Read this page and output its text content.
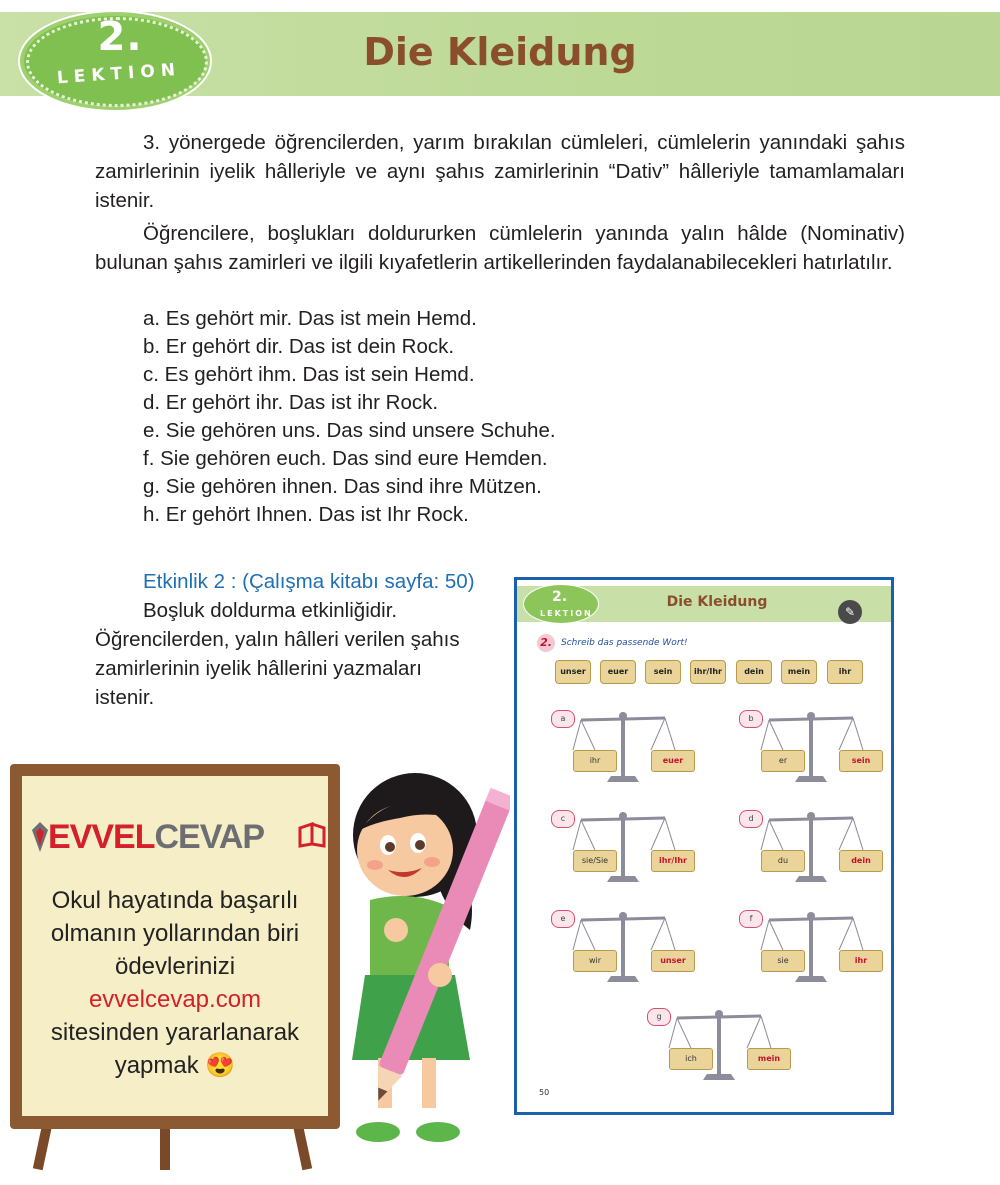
2.
LEKTION
Die Kleidung
3. yönergede öğrencilerden, yarım bırakılan cümleleri, cümlelerin yanındaki şahıs zamirlerinin iyelik hâlleriyle ve aynı şahıs zamirlerinin “Dativ” hâlleriyle tamamlamaları istenir.
Öğrencilere, boşlukları doldururken cümlelerin yanında yalın hâlde (Nominativ) bulunan şahıs zamirleri ve ilgili kıyafetlerin artikellerinden faydalanabilecekleri hatırlatılır.
a. Es gehört mir. Das ist mein Hemd.
b. Er gehört dir. Das ist dein Rock.
c. Es gehört ihm. Das ist sein Hemd.
d. Er gehört ihr. Das ist ihr Rock.
e. Sie gehören uns. Das sind unsere Schuhe.
f. Sie gehören euch. Das sind eure Hemden.
g. Sie gehören ihnen. Das sind ihre Mützen.
h. Er gehört Ihnen. Das ist Ihr Rock.
Etkinlik 2 : (Çalışma kitabı sayfa: 50)
Boşluk doldurma etkinliğidir. Öğrencilerden, yalın hâlleri verilen şahıs zamirlerinin iyelik hâllerini yazmaları istenir.
2.
LEKTION
Die Kleidung
✎
2.	Schreib das passende Wort!
unser	euer	sein	ihr/Ihr	dein	mein	ihr
a
ihr	euer
b
er	sein
c
sie/Sie	ihr/Ihr
d
du	dein
e
wir	unser
f
sie	ihr
g
ich	mein
50
EVVELCEVAP
Okul hayatında başarılı
olmanın yollarından biri
ödevlerinizi
evvelcevap.com
sitesinden yararlanarak
yapmak 😍
